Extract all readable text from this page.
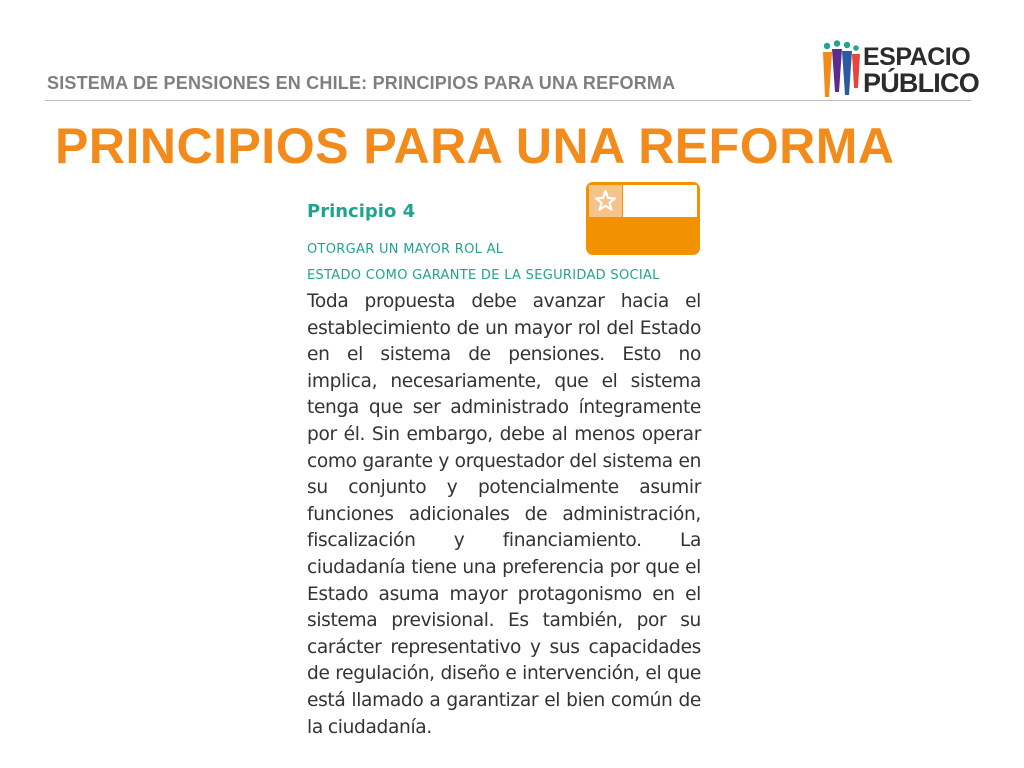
SISTEMA DE PENSIONES EN CHILE: PRINCIPIOS PARA UNA REFORMA
ESPACIO
PÚBLICO
PRINCIPIOS PARA UNA REFORMA
Principio 4
OTORGAR UN MAYOR ROL AL
ESTADO COMO GARANTE DE LA SEGURIDAD SOCIAL
Toda propuesta debe avanzar hacia el establecimiento de un mayor rol del Estado en el sistema de pensiones. Esto no implica, necesariamente, que el sistema tenga que ser administrado íntegramente por él. Sin embargo, debe al menos operar como garante y orquestador del sistema en su conjunto y potencialmente asumir funciones adicionales de administración, fiscalización y financiamiento. La ciudadanía tiene una preferencia por que el Estado asuma mayor protagonismo en el sistema previsional. Es también, por su carácter representativo y sus capacidades de regulación, diseño e intervención, el que está llamado a garantizar el bien común de la ciudadanía.
